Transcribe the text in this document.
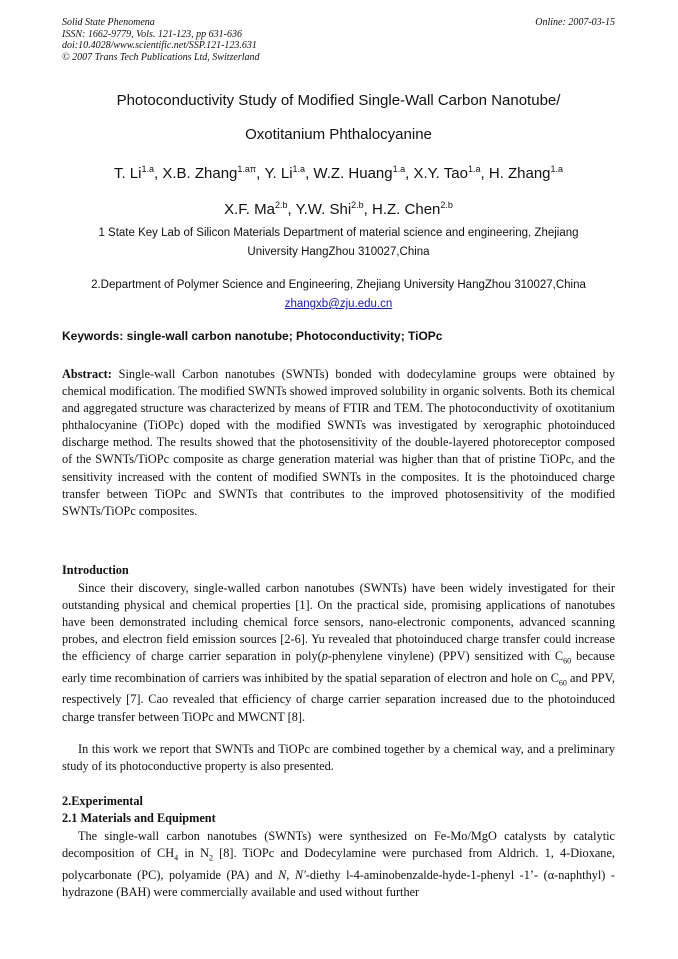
Solid State Phenomena
ISSN: 1662-9779, Vols. 121-123, pp 631-636
doi:10.4028/www.scientific.net/SSP.121-123.631
© 2007 Trans Tech Publications Ltd, Switzerland
Online: 2007-03-15
Photoconductivity Study of Modified Single-Wall Carbon Nanotube/
Oxotitanium Phthalocyanine
T. $Li^{1.a}$, X.B. Zhang$^{1.a\pi}$, Y. $Li^{1.a}$, W.Z. Huang$^{1.a}$, X.Y. Tao$^{1.a}$, H. Zhang$^{1.a}$
X.F. $Ma^{2.b}$, Y.W. Shi$^{2.b}$, H.Z. Chen$^{2.b}$
1 State Key Lab of Silicon Materials Department of material science and engineering, Zhejiang
University HangZhou 310027,China
2.Department of Polymer Science and Engineering, Zhejiang University HangZhou 310027,China
zhangxb@zju.edu.cn
Keywords: single-wall carbon nanotube; Photoconductivity; TiOPc
Abstract: Single-wall Carbon nanotubes (SWNTs) bonded with dodecylamine groups were obtained by chemical modification. The modified SWNTs showed improved solubility in organic solvents. Both its chemical and aggregated structure was characterized by means of FTIR and TEM. The photoconductivity of oxotitanium phthalocyanine (TiOPc) doped with the modified SWNTs was investigated by xerographic photoinduced discharge method. The results showed that the photosensitivity of the double-layered photoreceptor composed of the SWNTs/TiOPc composite as charge generation material was higher than that of pristine TiOPc, and the sensitivity increased with the content of modified SWNTs in the composites. It is the photoinduced charge transfer between TiOPc and SWNTs that contributes to the improved photosensitivity of the modified SWNTs/TiOPc composites.
Introduction
Since their discovery, single-walled carbon nanotubes (SWNTs) have been widely investigated for their outstanding physical and chemical properties [1]. On the practical side, promising applications of nanotubes have been demonstrated including chemical force sensors, nano-electronic components, advanced scanning probes, and electron field emission sources [2-6]. Yu revealed that photoinduced charge transfer could increase the efficiency of charge carrier separation in poly(p-phenylene vinylene) (PPV) sensitized with $C_{60}$ because early time recombination of carriers was inhibited by the spatial separation of electron and hole on $C_{60}$ and PPV, respectively [7]. Cao revealed that efficiency of charge carrier separation increased due to the photoinduced charge transfer between TiOPc and MWCNT [8].
In this work we report that SWNTs and TiOPc are combined together by a chemical way, and a preliminary study of its photoconductive property is also presented.
2.Experimental
2.1 Materials and Equipment
The single-wall carbon nanotubes (SWNTs) were synthesized on Fe-Mo/MgO catalysts by catalytic decomposition of $CH_4$ in $N_2$ [8]. TiOPc and Dodecylamine were purchased from Aldrich. 1, 4-Dioxane, polycarbonate (PC), polyamide (PA) and N, N'-diethy l-4-aminobenzalde-hyde-1-phenyl -1’- (α-naphthyl) -hydrazone (BAH) were commercially available and used without further
